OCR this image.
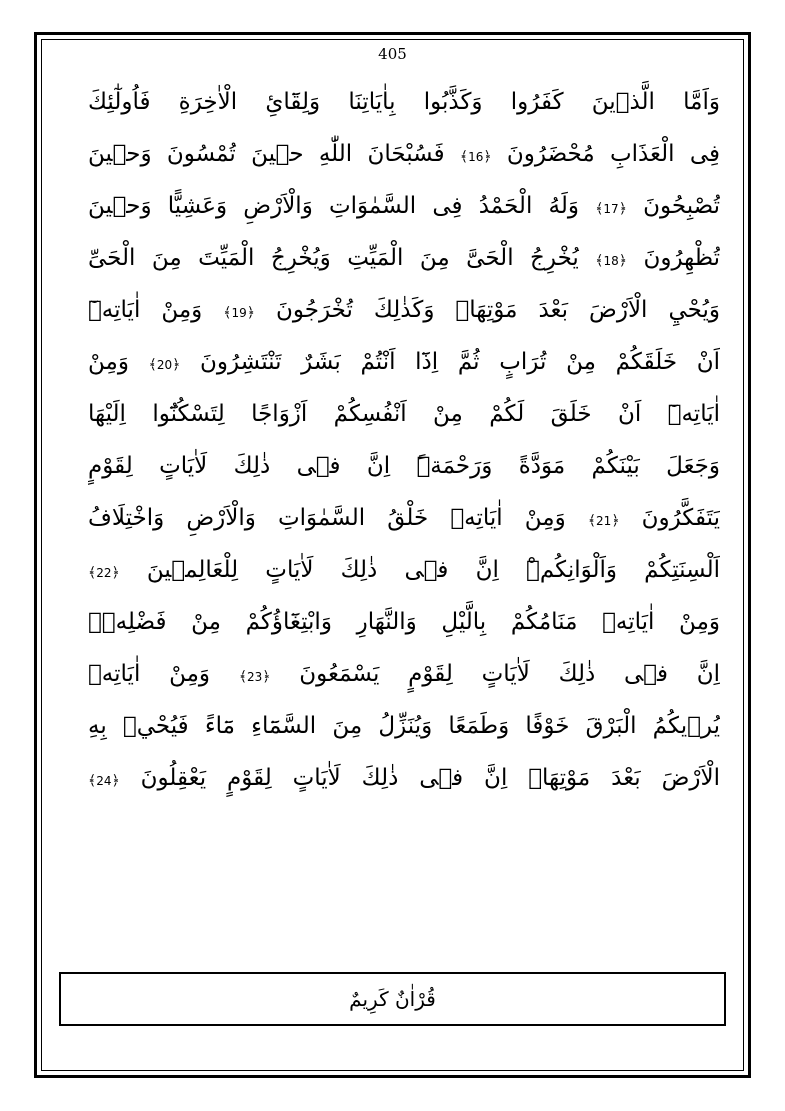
405
وَاَمَّا الَّذ۪ينَ كَفَرُوا وَكَذَّبُوا بِاٰيَاتِنَا وَلِقَٓائِ الْاٰخِرَةِ فَاُولٰٓئِكَ
فِى الْعَذَابِ مُحْضَرُونَ ﴿16﴾ فَسُبْحَانَ اللّٰهِ ح۪ينَ تُمْسُونَ وَح۪ينَ
تُصْبِحُونَ ﴿17﴾ وَلَهُ الْحَمْدُ فِى السَّمٰوَاتِ وَالْاَرْضِ وَعَشِيًّا وَح۪ينَ
تُظْهِرُونَ ﴿18﴾ يُخْرِجُ الْحَىَّ مِنَ الْمَيِّتِ وَيُخْرِجُ الْمَيِّتَ مِنَ الْحَىِّ
وَيُحْيِ الْاَرْضَ بَعْدَ مَوْتِهَاۜ وَكَذٰلِكَ تُخْرَجُونَ ﴿19﴾ وَمِنْ اٰيَاتِه۪ٓ
اَنْ خَلَقَكُمْ مِنْ تُرَابٍ ثُمَّ اِذَٓا اَنْتُمْ بَشَرٌ تَنْتَشِرُونَ ﴿20﴾ وَمِنْ
اٰيَاتِه۪ٓ اَنْ خَلَقَ لَكُمْ مِنْ اَنْفُسِكُمْ اَزْوَاجًا لِتَسْكُنُٓوا اِلَيْهَا
وَجَعَلَ بَيْنَكُمْ مَوَدَّةً وَرَحْمَةًۜ اِنَّ ف۪ى ذٰلِكَ لَاٰيَاتٍ لِقَوْمٍ
يَتَفَكَّرُونَ ﴿21﴾ وَمِنْ اٰيَاتِه۪ خَلْقُ السَّمٰوَاتِ وَالْاَرْضِ وَاخْتِلَافُ
اَلْسِنَتِكُمْ وَاَلْوَانِكُمْۜ اِنَّ ف۪ى ذٰلِكَ لَاٰيَاتٍ لِلْعَالِم۪ينَ ﴿22﴾
وَمِنْ اٰيَاتِه۪ مَنَامُكُمْ بِالَّيْلِ وَالنَّهَارِ وَابْتِغَٓاؤُكُمْ مِنْ فَضْلِه۪ۜ
اِنَّ ف۪ى ذٰلِكَ لَاٰيَاتٍ لِقَوْمٍ يَسْمَعُونَ ﴿23﴾ وَمِنْ اٰيَاتِه۪
يُر۪يكُمُ الْبَرْقَ خَوْفًا وَطَمَعًا وَيُنَزِّلُ مِنَ السَّمَٓاءِ مَٓاءً فَيُحْي۪ بِهِ
الْاَرْضَ بَعْدَ مَوْتِهَاۜ اِنَّ ف۪ى ذٰلِكَ لَاٰيَاتٍ لِقَوْمٍ يَعْقِلُونَ ﴿24﴾
قُرْاٰنٌ كَرِيمٌ
